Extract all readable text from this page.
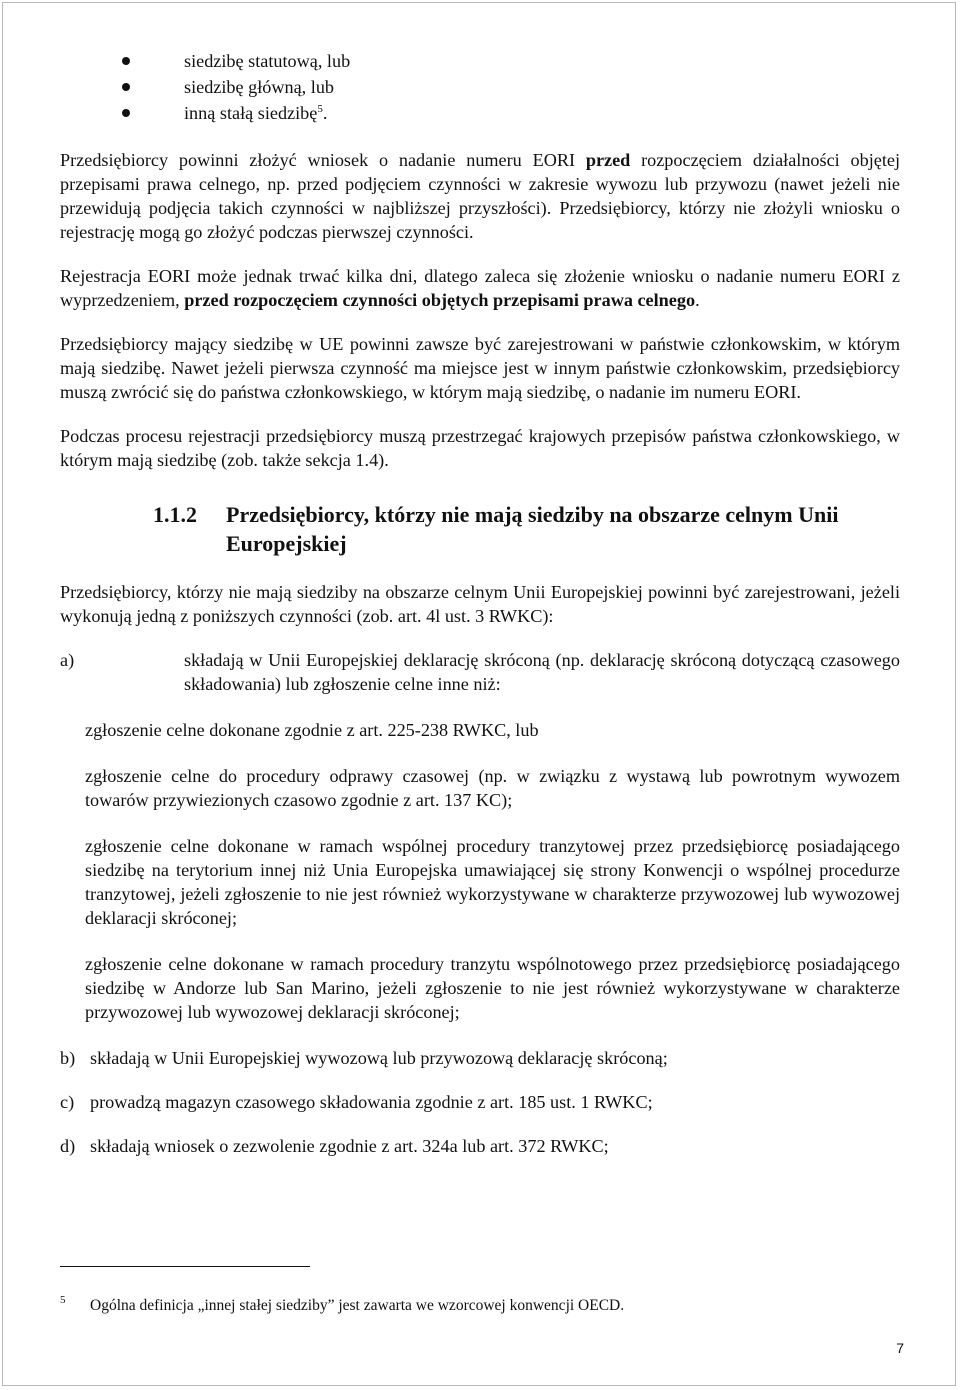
siedzibę statutową, lub
siedzibę główną, lub
inną stałą siedzibę$^5$.

Przedsiębiorcy powinni złożyć wniosek o nadanie numeru EORI przed rozpoczęciem działalności objętej przepisami prawa celnego, np. przed podjęciem czynności w zakresie wywozu lub przywozu (nawet jeżeli nie przewidują podjęcia takich czynności w najbliższej przyszłości). Przedsiębiorcy, którzy nie złożyli wniosku o rejestrację mogą go złożyć podczas pierwszej czynności.

Rejestracja EORI może jednak trwać kilka dni, dlatego zaleca się złożenie wniosku o nadanie numeru EORI z wyprzedzeniem, przed rozpoczęciem czynności objętych przepisami prawa celnego.

Przedsiębiorcy mający siedzibę w UE powinni zawsze być zarejestrowani w państwie członkowskim, w którym mają siedzibę. Nawet jeżeli pierwsza czynność ma miejsce jest w innym państwie członkowskim, przedsiębiorcy muszą zwrócić się do państwa członkowskiego, w którym mają siedzibę, o nadanie im numeru EORI.

Podczas procesu rejestracji przedsiębiorcy muszą przestrzegać krajowych przepisów państwa członkowskiego, w którym mają siedzibę (zob. także sekcja 1.4).

1.1.2 Przedsiębiorcy, którzy nie mają siedziby na obszarze celnym Unii Europejskiej

Przedsiębiorcy, którzy nie mają siedziby na obszarze celnym Unii Europejskiej powinni być zarejestrowani, jeżeli wykonują jedną z poniższych czynności (zob. art. 4l ust. 3 RWKC):

a)	składają w Unii Europejskiej deklarację skróconą (np. deklarację skróconą dotyczącą czasowego składowania) lub zgłoszenie celne inne niż:

zgłoszenie celne dokonane zgodnie z art. 225-238 RWKC, lub

zgłoszenie celne do procedury odprawy czasowej (np. w związku z wystawą lub powrotnym wywozem towarów przywiezionych czasowo zgodnie z art. 137 KC);

zgłoszenie celne dokonane w ramach wspólnej procedury tranzytowej przez przedsiębiorcę posiadającego siedzibę na terytorium innej niż Unia Europejska umawiającej się strony Konwencji o wspólnej procedurze tranzytowej, jeżeli zgłoszenie to nie jest również wykorzystywane w charakterze przywozowej lub wywozowej deklaracji skróconej;

zgłoszenie celne dokonane w ramach procedury tranzytu wspólnotowego przez przedsiębiorcę posiadającego siedzibę w Andorze lub San Marino, jeżeli zgłoszenie to nie jest również wykorzystywane w charakterze przywozowej lub wywozowej deklaracji skróconej;

b) składają w Unii Europejskiej wywozową lub przywozową deklarację skróconą;
c) prowadzą magazyn czasowego składowania zgodnie z art. 185 ust. 1 RWKC;
d) składają wniosek o zezwolenie zgodnie z art. 324a lub art. 372 RWKC;
5 Ogólna definicja „innej stałej siedziby” jest zawarta we wzorcowej konwencji OECD.
7
